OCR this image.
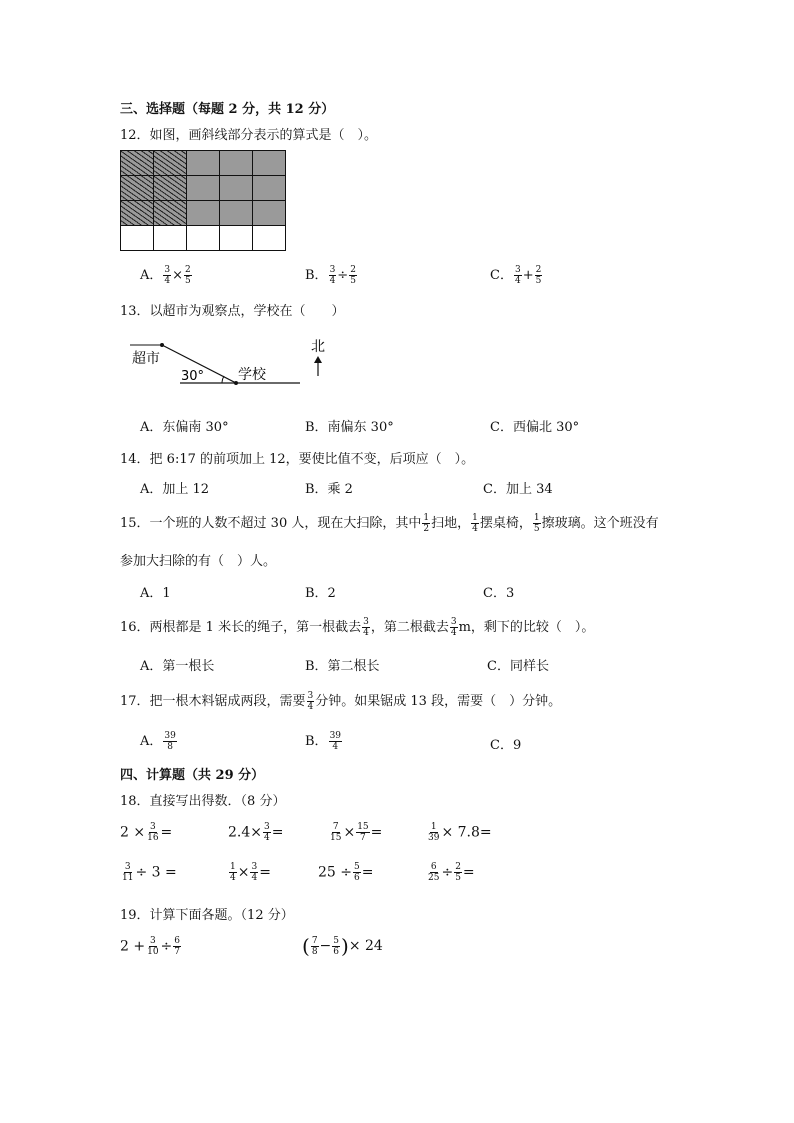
三、选择题（每题 2 分，共 12 分）
12．如图，画斜线部分表示的算式是（　）。
A． $\frac{3}{4} \times \frac{2}{5}$	B． $\frac{3}{4} \div \frac{2}{5}$	C． $\frac{3}{4} + \frac{2}{5}$
13．以超市为观察点，学校在（　　）
超市
30° 学校
北
A．东偏南 30°	B．南偏东 30°	C．西偏北 30°
14．把 6:17 的前项加上 12，要使比值不变，后项应（　）。
A．加上 12	B．乘 2	C．加上 34
15．一个班的人数不超过 30 人，现在大扫除，其中 $\frac{1}{2}$ 扫地， $\frac{1}{4}$ 摆桌椅， $\frac{1}{5}$ 擦玻璃。这个班没有
参加大扫除的有（　）人。
A．1	B．2	C．3
16．两根都是 1 米长的绳子，第一根截去 $\frac{3}{4}$ ，第二根截去 $\frac{3}{4}$ m，剩下的比较（　）。
A．第一根长	B．第二根长	C．同样长
17．把一根木料锯成两段，需要 $\frac{3}{4}$ 分钟。如果锯成 13 段，需要（　）分钟。
A． $\frac{39}{8}$	B． $\frac{39}{4}$	C．9
四、计算题（共 29 分）
18．直接写出得数．（8 分）
$2 \times \frac{3}{16}$ =	$2.4\times \frac{3}{4}$ =	$\frac{7}{15} \times \frac{15}{7}$ =	$\frac{1}{39} \times 7.8=$
$\frac{3}{11} \div 3$ =	$\frac{1}{4} \times \frac{3}{4}$ =	$25 \div \frac{5}{6}$ =	$\frac{6}{25} \div \frac{2}{5}$ =
19．计算下面各题。（12 分）
$2 + \frac{3}{10} \div \frac{6}{7}$	( $\frac{7}{8} - \frac{5}{6}$ )× 24
